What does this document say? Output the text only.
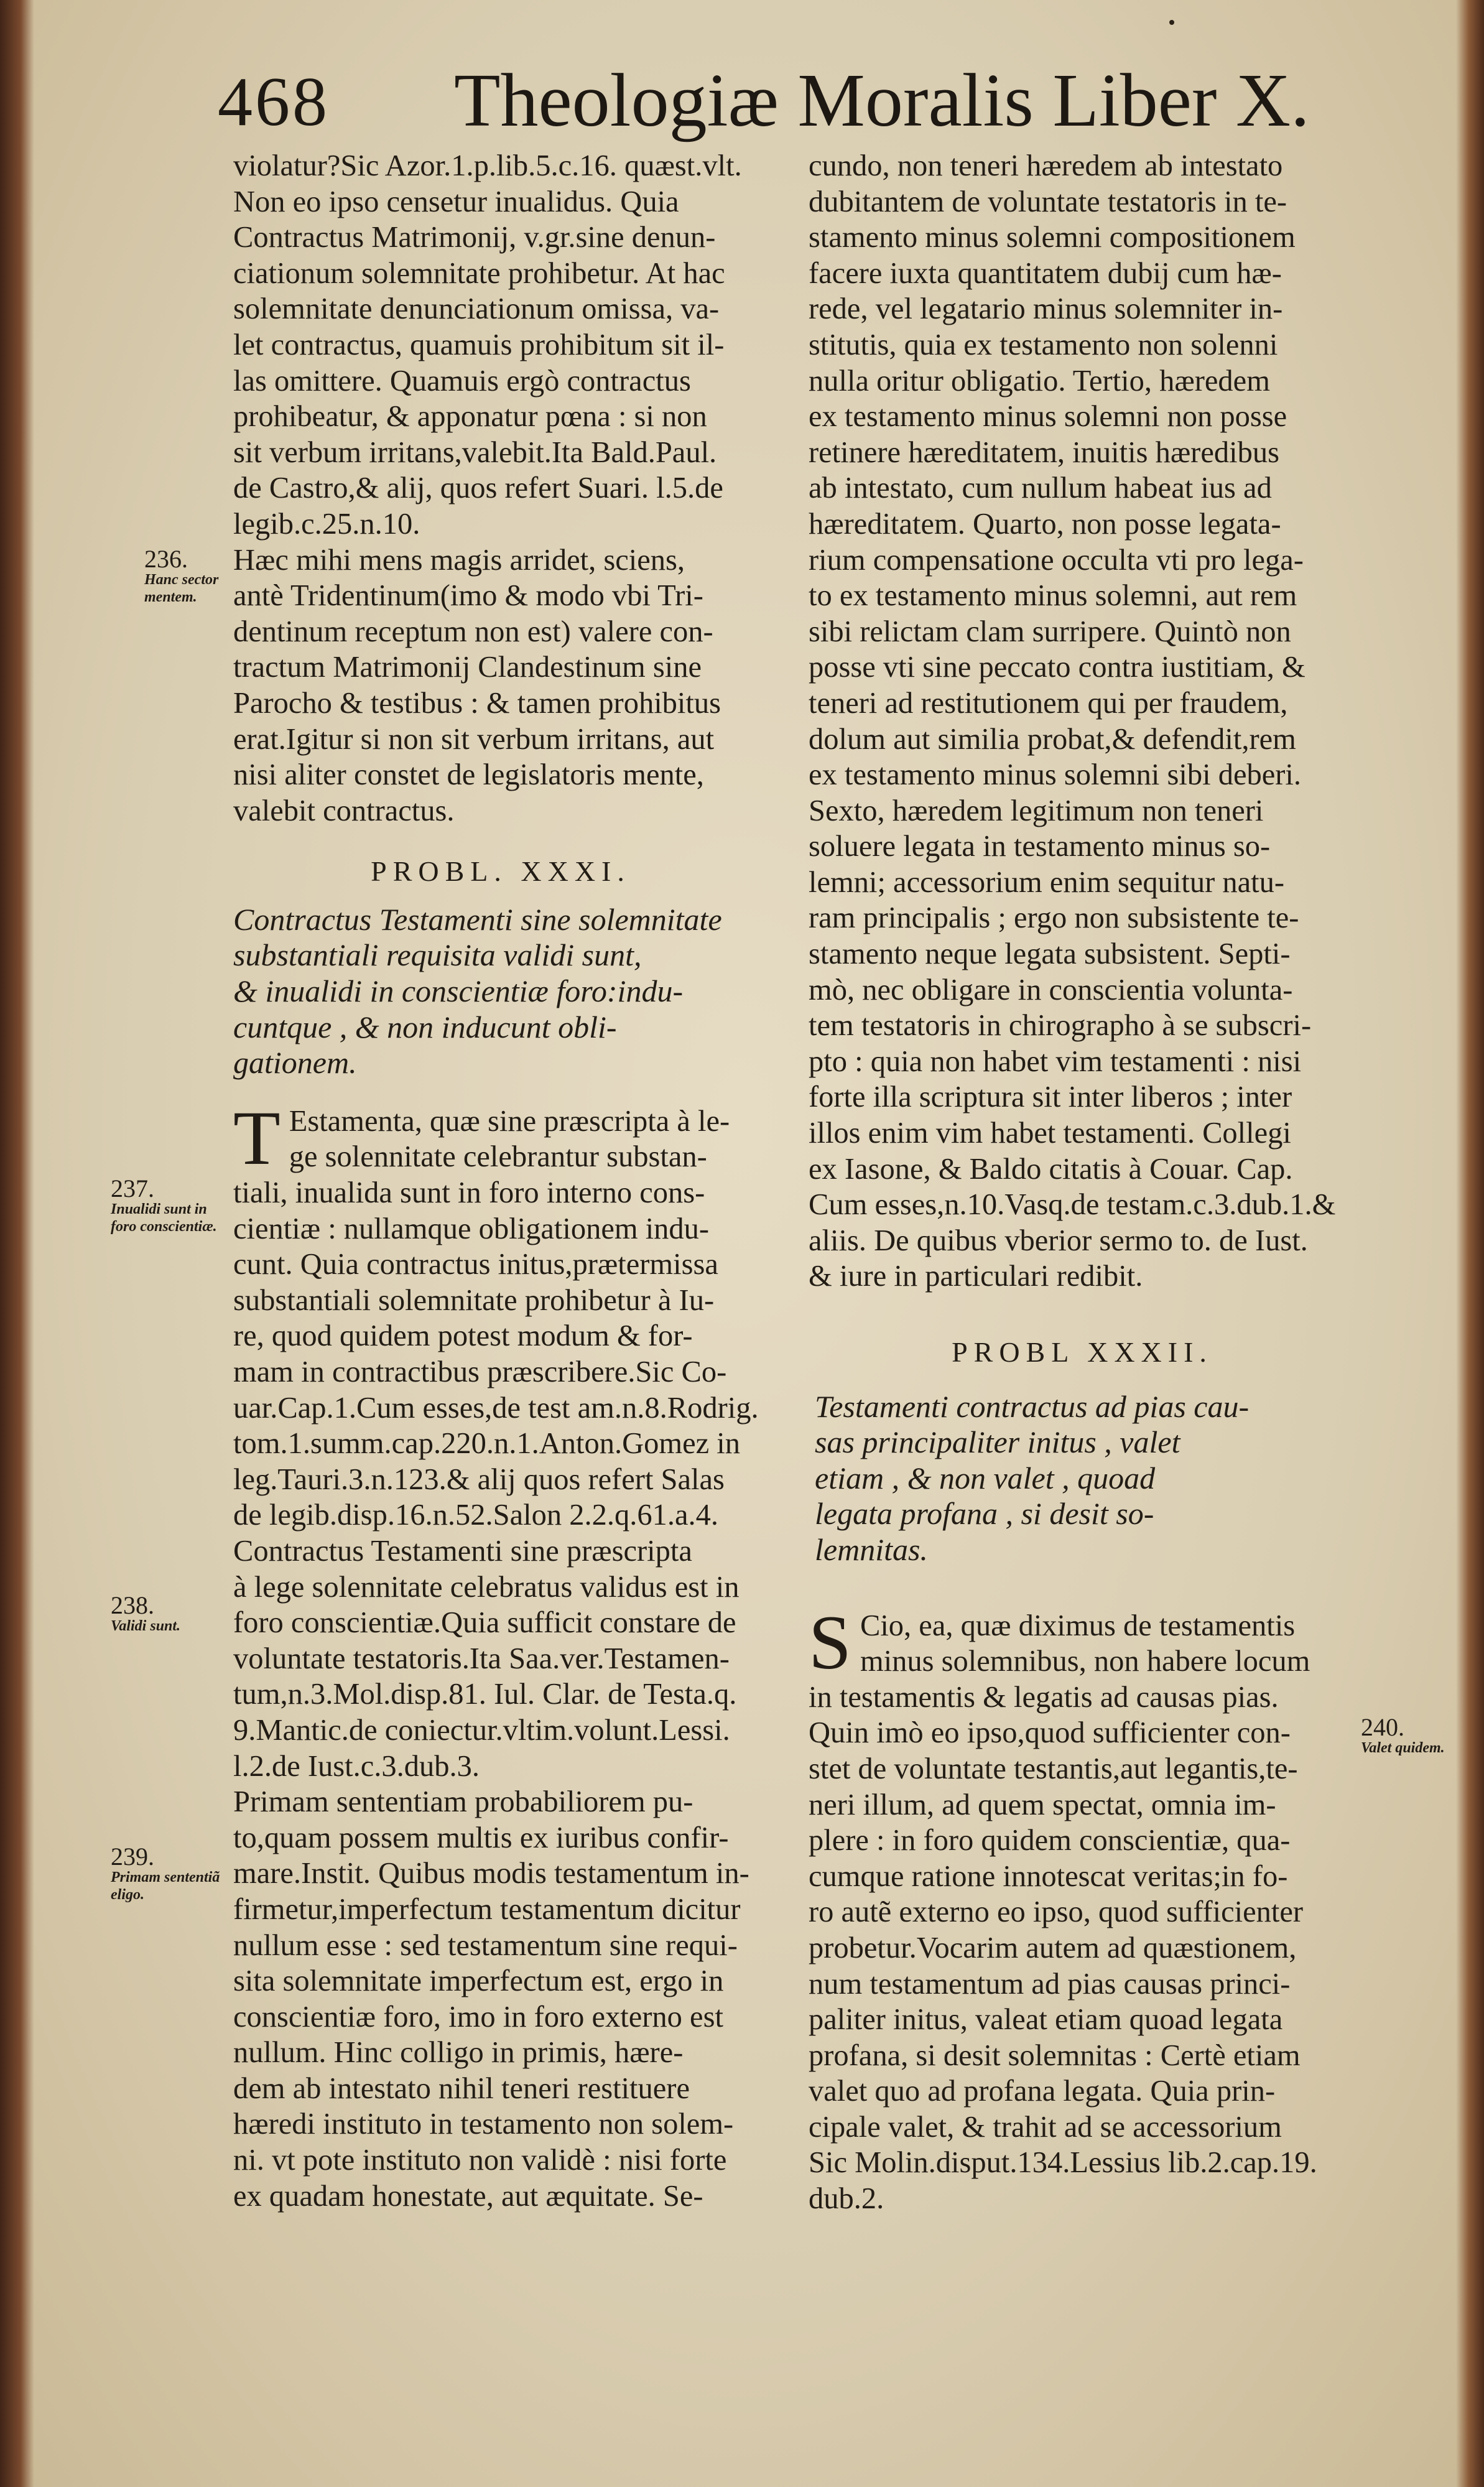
468 Theologiæ Moralis Liber X.
violatur?Sic Azor.1.p.lib.5.c.16. quæst.vlt.
Non eo ipso censetur inualidus. Quia
Contractus Matrimonij, v.gr.sine denun-
ciationum solemnitate prohibetur. At hac
solemnitate denunciationum omissa, va-
let contractus, quamuis prohibitum sit il-
las omittere. Quamuis ergò contractus
prohibeatur, & apponatur pœna : si non
sit verbum irritans,valebit.Ita Bald.Paul.
de Castro,& alij, quos refert Suari. l.5.de
legib.c.25.n.10.
Hæc mihi mens magis arridet, sciens,
antè Tridentinum(imo & modo vbi Tri-
dentinum receptum non est) valere con-
tractum Matrimonij Clandestinum sine
Parocho & testibus : & tamen prohibitus
erat.Igitur si non sit verbum irritans, aut
nisi aliter constet de legislatoris mente,
valebit contractus.
PROBL. XXXI.
Contractus Testamenti sine solemnitate
substantiali requisita validi sunt,
& inualidi in conscientiæ foro:indu-
cuntque , & non inducunt obli-
gationem.
T Estamenta, quæ sine præscripta à le-
ge solennitate celebrantur substan-
tiali, inualida sunt in foro interno cons-
cientiæ : nullamque obligationem indu-
cunt. Quia contractus initus,prætermissa
substantiali solemnitate prohibetur à Iu-
re, quod quidem potest modum & for-
mam in contractibus præscribere.Sic Co-
uar.Cap.1.Cum esses,de test am.n.8.Rodrig.
tom.1.summ.cap.220.n.1.Anton.Gomez in
leg.Tauri.3.n.123.& alij quos refert Salas
de legib.disp.16.n.52.Salon 2.2.q.61.a.4.
Contractus Testamenti sine præscripta
à lege solennitate celebratus validus est in
foro conscientiæ.Quia sufficit constare de
voluntate testatoris.Ita Saa.ver.Testamen-
tum,n.3.Mol.disp.81. Iul. Clar. de Testa.q.
9.Mantic.de coniectur.vltim.volunt.Lessi.
l.2.de Iust.c.3.dub.3.
Primam sententiam probabiliorem pu-
to,quam possem multis ex iuribus confir-
mare.Instit. Quibus modis testamentum in-
firmetur,imperfectum testamentum dicitur
nullum esse : sed testamentum sine requi-
sita solemnitate imperfectum est, ergo in
conscientiæ foro, imo in foro externo est
nullum. Hinc colligo in primis, hære-
dem ab intestato nihil teneri restituere
hæredi instituto in testamento non solem-
ni. vt pote instituto non validè : nisi forte
ex quadam honestate, aut æquitate. Se-
cundo, non teneri hæredem ab intestato
dubitantem de voluntate testatoris in te-
stamento minus solemni compositionem
facere iuxta quantitatem dubij cum hæ-
rede, vel legatario minus solemniter in-
stitutis, quia ex testamento non solenni
nulla oritur obligatio. Tertio, hæredem
ex testamento minus solemni non posse
retinere hæreditatem, inuitis hæredibus
ab intestato, cum nullum habeat ius ad
hæreditatem. Quarto, non posse legata-
rium compensatione occulta vti pro lega-
to ex testamento minus solemni, aut rem
sibi relictam clam surripere. Quintò non
posse vti sine peccato contra iustitiam, &
teneri ad restitutionem qui per fraudem,
dolum aut similia probat,& defendit,rem
ex testamento minus solemni sibi deberi.
Sexto, hæredem legitimum non teneri
soluere legata in testamento minus so-
lemni; accessorium enim sequitur natu-
ram principalis ; ergo non subsistente te-
stamento neque legata subsistent. Septi-
mò, nec obligare in conscientia volunta-
tem testatoris in chirographo à se subscri-
pto : quia non habet vim testamenti : nisi
forte illa scriptura sit inter liberos ; inter
illos enim vim habet testamenti. Collegi
ex Iasone, & Baldo citatis à Couar. Cap.
Cum esses,n.10.Vasq.de testam.c.3.dub.1.&
aliis. De quibus vberior sermo to. de Iust.
& iure in particulari redibit.
PROBL XXXII.
Testamenti contractus ad pias cau-
sas principaliter initus , valet
etiam , & non valet , quoad
legata profana , si desit so-
lemnitas.
S Cio, ea, quæ diximus de testamentis
minus solemnibus, non habere locum
in testamentis & legatis ad causas pias.
Quin imò eo ipso,quod sufficienter con-
stet de voluntate testantis,aut legantis,te-
neri illum, ad quem spectat, omnia im-
plere : in foro quidem conscientiæ, qua-
cumque ratione innotescat veritas;in fo-
ro autẽ externo eo ipso, quod sufficienter
probetur.Vocarim autem ad quæstionem,
num testamentum ad pias causas princi-
paliter initus, valeat etiam quoad legata
profana, si desit solemnitas : Certè etiam
valet quo ad profana legata. Quia prin-
cipale valet, & trahit ad se accessorium
Sic Molin.disput.134.Lessius lib.2.cap.19.
dub.2.
236.
Hanc sector mentem.
237.
Inualidi sunt in foro conscientiæ.
238.
Validi sunt.
239.
Primam sententiã eligo.
240.
Valet quidem.
